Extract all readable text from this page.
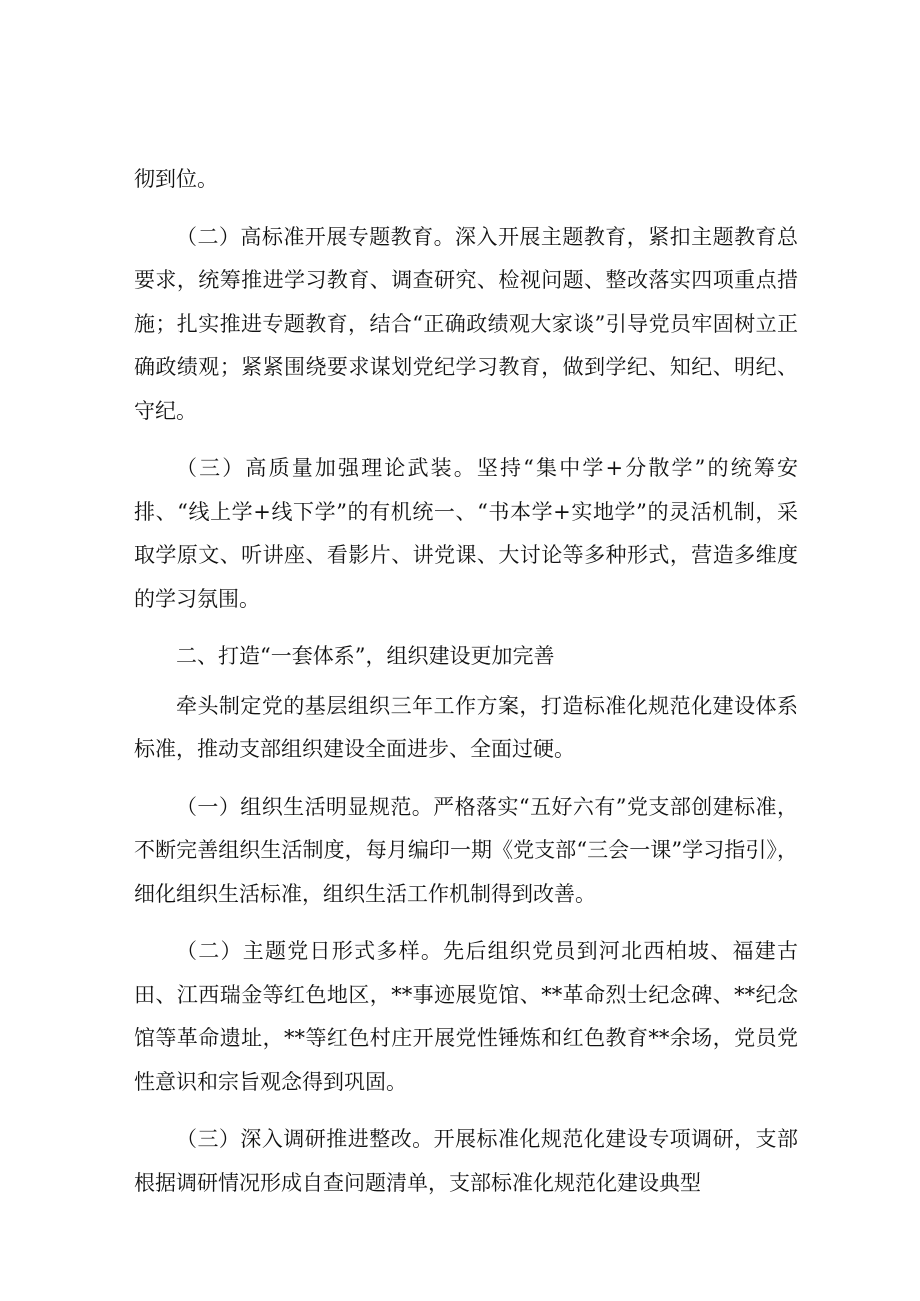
彻到位。

（二）高标准开展专题教育。深入开展主题教育，紧扣主题教育总要求，统筹推进学习教育、调查研究、检视问题、整改落实四项重点措施；扎实推进专题教育，结合“正确政绩观大家谈”引导党员牢固树立正确政绩观；紧紧围绕要求谋划党纪学习教育，做到学纪、知纪、明纪、守纪。

（三）高质量加强理论武装。坚持“集中学+分散学”的统筹安排、“线上学+线下学”的有机统一、“书本学+实地学”的灵活机制，采取学原文、听讲座、看影片、讲党课、大讨论等多种形式，营造多维度的学习氛围。

二、打造“一套体系”，组织建设更加完善

牵头制定党的基层组织三年工作方案，打造标准化规范化建设体系标准，推动支部组织建设全面进步、全面过硬。

（一）组织生活明显规范。严格落实“五好六有”党支部创建标准，不断完善组织生活制度，每月编印一期《党支部“三会一课”学习指引》，细化组织生活标准，组织生活工作机制得到改善。

（二）主题党日形式多样。先后组织党员到河北西柏坡、福建古田、江西瑞金等红色地区，**事迹展览馆、**革命烈士纪念碑、**纪念馆等革命遗址，**等红色村庄开展党性锤炼和红色教育**余场，党员党性意识和宗旨观念得到巩固。

（三）深入调研推进整改。开展标准化规范化建设专项调研，支部根据调研情况形成自查问题清单，支部标准化规范化建设典型
